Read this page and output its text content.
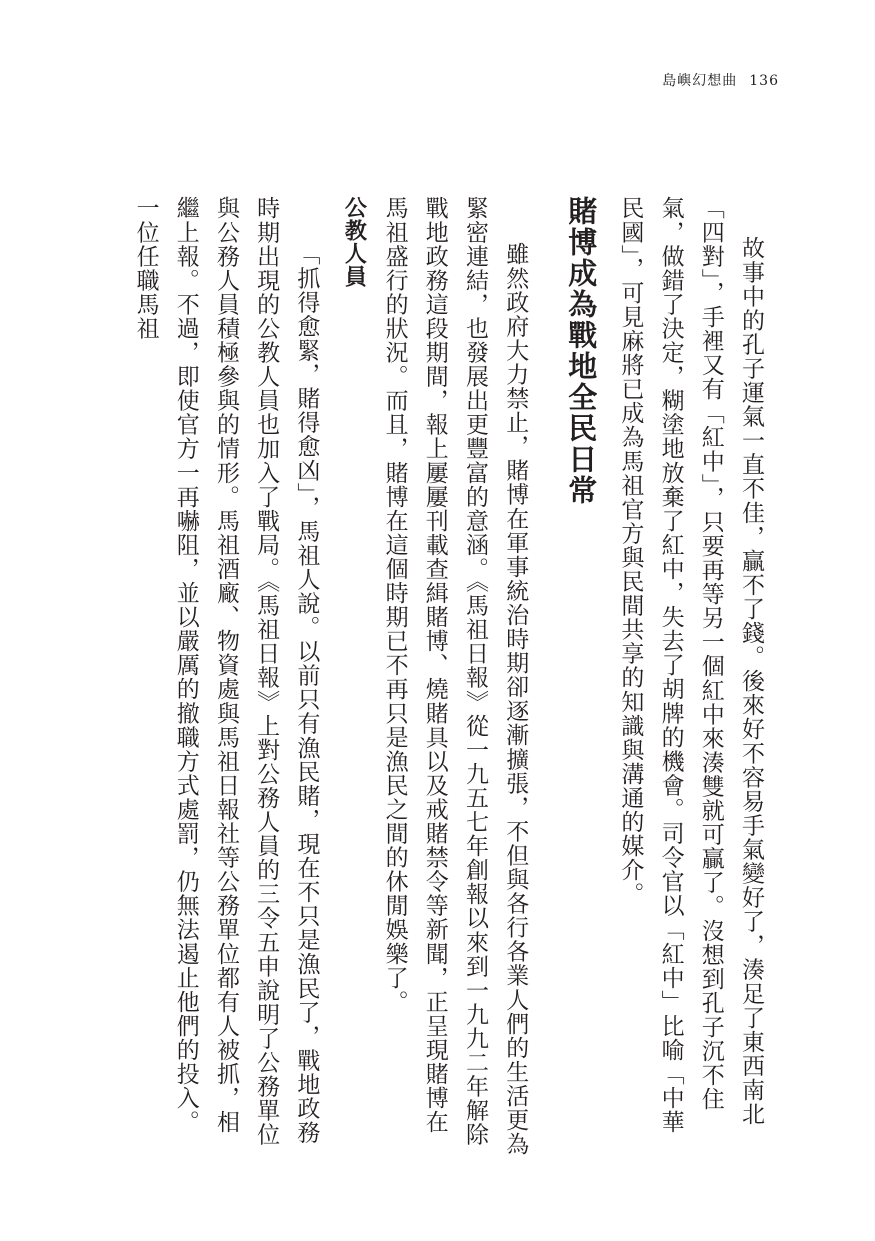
島嶼幻想曲 136

故事中的孔子運氣一直不佳，贏不了錢。後來好不容易手氣變好了，湊足了東西南北「四對」，手裡又有「紅中」，只要再等另一個紅中來湊雙就可贏了。沒想到孔子沉不住氣，做錯了決定，糊塗地放棄了紅中，失去了胡牌的機會。司令官以「紅中」比喻「中華民國」，可見麻將已成為馬祖官方與民間共享的知識與溝通的媒介。

賭博成為戰地全民日常

雖然政府大力禁止，賭博在軍事統治時期卻逐漸擴張，不但與各行各業人們的生活更為緊密連結，也發展出更豐富的意涵。《馬祖日報》從一九五七年創報以來到一九九二年解除戰地政務這段期間，報上屢屢刊載查緝賭博、燒賭具以及戒賭禁令等新聞，正呈現賭博在馬祖盛行的狀況。而且，賭博在這個時期已不再只是漁民之間的休閒娛樂了。

公教人員

「抓得愈緊，賭得愈凶」，馬祖人說。以前只有漁民賭，現在不只是漁民了，戰地政務時期出現的公教人員也加入了戰局。《馬祖日報》上對公務人員的三令五申說明了公務單位與公務人員積極參與的情形。馬祖酒廠、物資處與馬祖日報社等公務單位都有人被抓，相繼上報。不過，即使官方一再嚇阻，並以嚴厲的撤職方式處罰，仍無法遏止他們的投入。一位任職馬祖
